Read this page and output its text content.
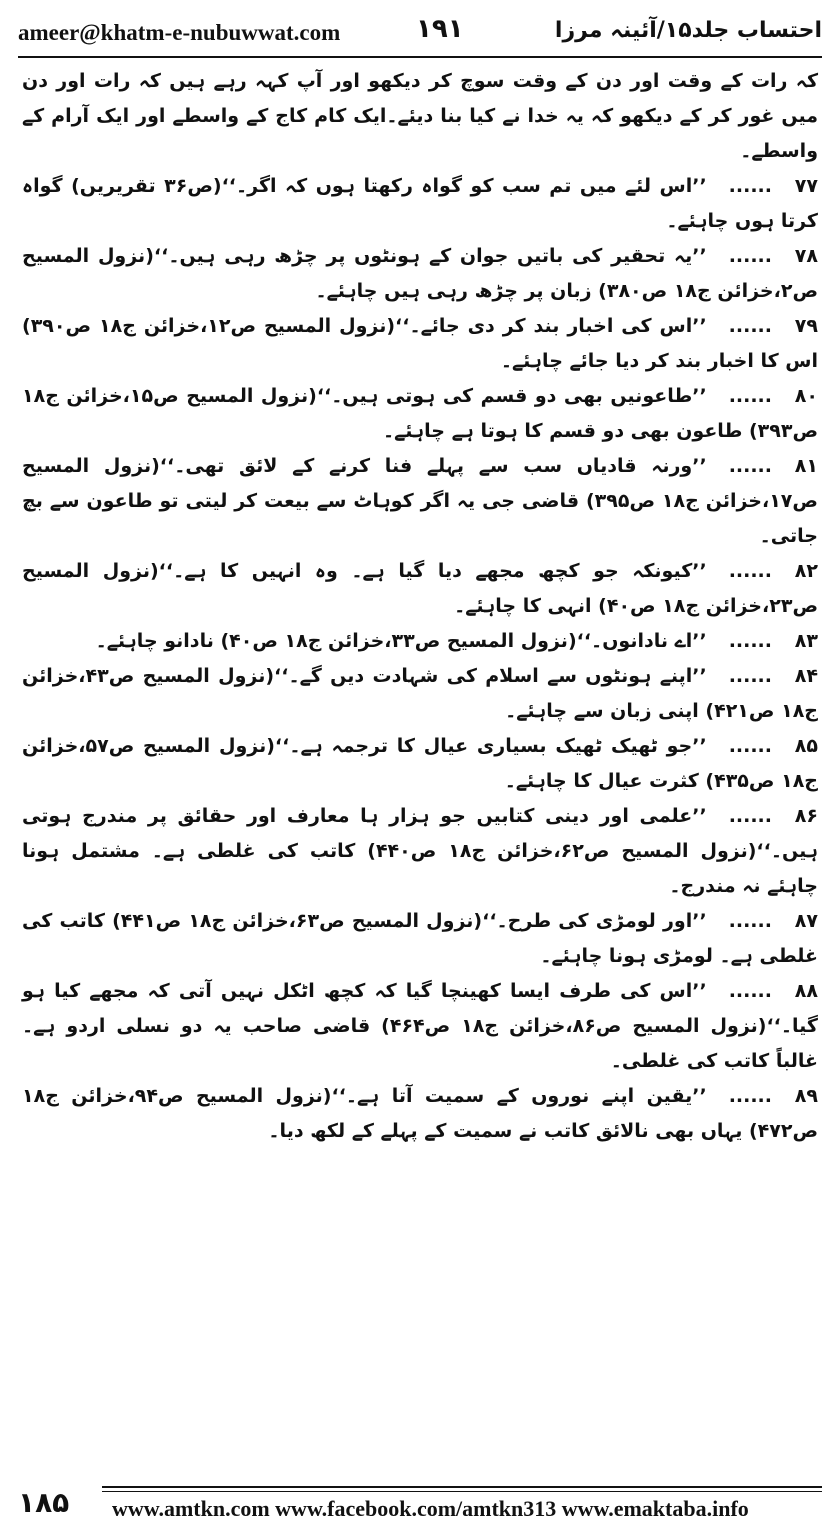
ameer@khatm-e-nubuwwat.com	۱۹۱	احتساب جلد۱۵/آئینہ مرزا

کہ رات کے وقت اور دن کے وقت سوچ کر دیکھو اور آپ کہہ رہے ہیں کہ رات اور دن میں غور کر کے دیکھو کہ یہ خدا نے کیا بنا دیئے۔ایک کام کاج کے واسطے اور ایک آرام کے واسطے۔

۷۷......’’اس لئے میں تم سب کو گواہ رکھتا ہوں کہ اگر۔‘‘(ص۳۶ تقریریں) گواہ کرتا ہوں چاہئے۔

۷۸......’’یہ تحقیر کی باتیں جوان کے ہونٹوں پر چڑھ رہی ہیں۔‘‘(نزول المسیح ص۲،خزائن ج۱۸ ص۳۸۰) زبان پر چڑھ رہی ہیں چاہئے۔

۷۹......’’اس کی اخبار بند کر دی جائے۔‘‘(نزول المسیح ص۱۲،خزائن ج۱۸ ص۳۹۰) اس کا اخبار بند کر دیا جائے چاہئے۔

۸۰......’’طاعونیں بھی دو قسم کی ہوتی ہیں۔‘‘(نزول المسیح ص۱۵،خزائن ج۱۸ ص۳۹۳) طاعون بھی دو قسم کا ہوتا ہے چاہئے۔

۸۱......’’ورنہ قادیاں سب سے پہلے فنا کرنے کے لائق تھی۔‘‘(نزول المسیح ص۱۷،خزائن ج۱۸ ص۳۹۵) قاضی جی یہ اگر کوہاٹ سے بیعت کر لیتی تو طاعون سے بچ جاتی۔

۸۲......’’کیونکہ جو کچھ مجھے دیا گیا ہے۔ وہ انہیں کا ہے۔‘‘(نزول المسیح ص۲۳،خزائن ج۱۸ ص۴۰) انہی کا چاہئے۔

۸۳......’’اے نادانوں۔‘‘(نزول المسیح ص۳۳،خزائن ج۱۸ ص۴۰) نادانو چاہئے۔

۸۴......’’اپنے ہونٹوں سے اسلام کی شہادت دیں گے۔‘‘(نزول المسیح ص۴۳،خزائن ج۱۸ ص۴۲۱) اپنی زبان سے چاہئے۔

۸۵......’’جو ٹھیک ٹھیک بسیاری عیال کا ترجمہ ہے۔‘‘(نزول المسیح ص۵۷،خزائن ج۱۸ ص۴۳۵) کثرت عیال کا چاہئے۔

۸۶......’’علمی اور دینی کتابیں جو ہزار ہا معارف اور حقائق پر مندرج ہوتی ہیں۔‘‘(نزول المسیح ص۶۲،خزائن ج۱۸ ص۴۴۰) کاتب کی غلطی ہے۔ مشتمل ہونا چاہئے نہ مندرج۔

۸۷......’’اور لومڑی کی طرح۔‘‘(نزول المسیح ص۶۳،خزائن ج۱۸ ص۴۴۱) کاتب کی غلطی ہے۔ لومڑی ہونا چاہئے۔

۸۸......’’اس کی طرف ایسا کھینچا گیا کہ کچھ اٹکل نہیں آتی کہ مجھے کیا ہو گیا۔‘‘(نزول المسیح ص۸۶،خزائن ج۱۸ ص۴۶۴) قاضی صاحب یہ دو نسلی اردو ہے۔ غالباً کاتب کی غلطی۔

۸۹......’’یقین اپنے نوروں کے سمیت آتا ہے۔‘‘(نزول المسیح ص۹۴،خزائن ج۱۸ ص۴۷۲) یہاں بھی نالائق کاتب نے سمیت کے پہلے کے لکھ دیا۔

۱۸۵ www.amtkn.com www.facebook.com/amtkn313 www.emaktaba.info
